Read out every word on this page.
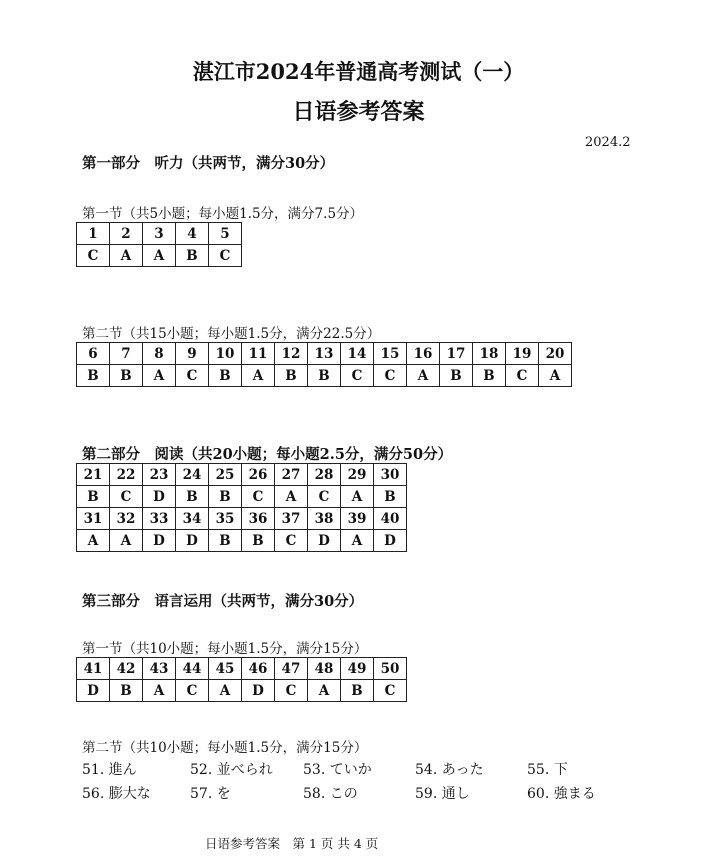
湛江市2024年普通高考测试（一）
日语参考答案
2024.2
第一部分　听力（共两节，满分30分）
第一节（共5小题；每小题1.5分，满分7.5分）
1	2	3	4	5
C	A	A	B	C
第二节（共15小题；每小题1.5分，满分22.5分）
6	7	8	9	10	11	12	13	14	15	16	17	18	19	20
B	B	A	C	B	A	B	B	C	C	A	B	B	C	A
第二部分　阅读（共20小题；每小题2.5分，满分50分）
21	22	23	24	25	26	27	28	29	30
B	C	D	B	B	C	A	C	A	B
31	32	33	34	35	36	37	38	39	40
A	A	D	D	B	B	C	D	A	D
第三部分　语言运用（共两节，满分30分）
第一节（共10小题；每小题1.5分，满分15分）
41	42	43	44	45	46	47	48	49	50
D	B	A	C	A	D	C	A	B	C
第二节（共10小题；每小题1.5分，满分15分）
51. 進ん	52. 並べられ 53. ていか	54. あった	55. 下
56. 膨大な	57. を	58. この	59. 通し	60. 強まる
日语参考答案　第 1 页 共 4 页
